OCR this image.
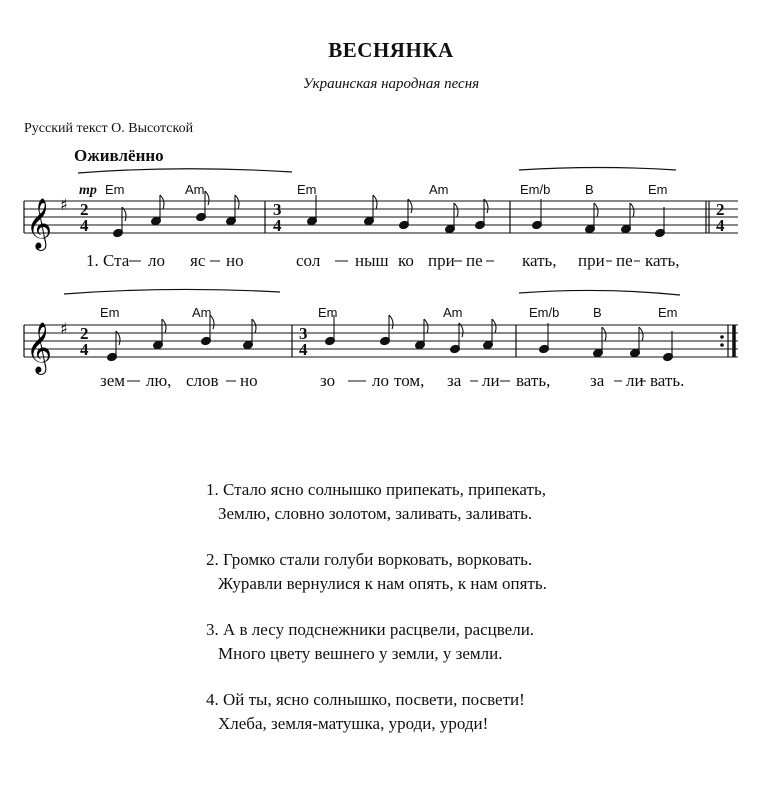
ВЕСНЯНКА
Украинская народная песня
Русский текст О. Высотской
Оживлённо
𝄞 ♯ 2
4
mp Em	Am	Em	Am	Em/b	B	Em
3
4
2
4
1. Ста ло яс но	сол ныш ко при пе кать, при пе кать,
𝄞 ♯ 2
4
Em	Am	Em	Am	Em/b	B	Em
3
4
зем лю, слов но	зо ло том, за ли вать, за ли вать.
1. Стало ясно солнышко припекать, припекать,
Землю, словно золотом, заливать, заливать.
2. Громко стали голуби ворковать, ворковать.
Журавли вернулися к нам опять, к нам опять.
3. А в лесу подснежники расцвели, расцвели.
Много цвету вешнего у земли, у земли.
4. Ой ты, ясно солнышко, посвети, посвети!
Хлеба, земля-матушка, уроди, уроди!
